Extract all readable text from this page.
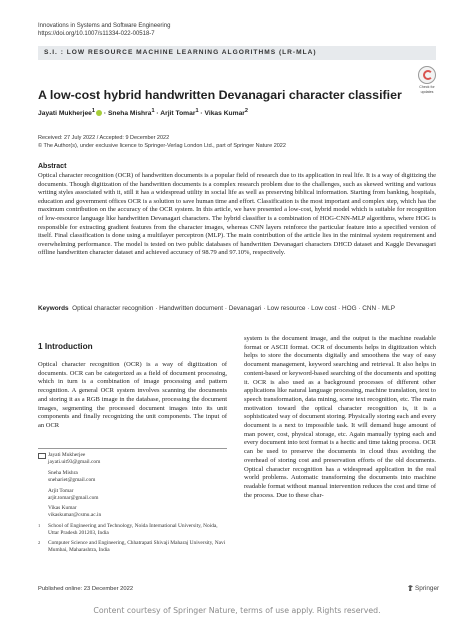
Innovations in Systems and Software Engineering
https://doi.org/10.1007/s11334-022-00518-7
S.I. : LOW RESOURCE MACHINE LEARNING ALGORITHMS (LR-MLA)
Check for updates
A low-cost hybrid handwritten Devanagari character classifier
Jayati Mukherjee$^1$ · Sneha Mishra$^1$ · Arjit Tomar$^1$ · Vikas Kumar$^2$
Received: 27 July 2022 / Accepted: 9 December 2022
© The Author(s), under exclusive licence to Springer-Verlag London Ltd., part of Springer Nature 2022
Abstract
Optical character recognition (OCR) of handwritten documents is a popular field of research due to its application in real life. It is a way of digitizing the documents. Though digitization of the handwritten documents is a complex research problem due to the challenges, such as skewed writing and various writing styles associated with it, still it has a widespread utility in social life as well as preserving biblical information. Starting from banking, hospitals, education and government offices OCR is a solution to save human time and effort. Classification is the most important and complex step, which has the maximum contribution on the accuracy of the OCR system. In this article, we have presented a low-cost, hybrid model which is suitable for recognition of low-resource language like handwritten Devanagari characters. The hybrid classifier is a combination of HOG-CNN-MLP algorithms, where HOG is responsible for extracting gradient features from the character images, whereas CNN layers reinforce the particular feature into a specified version of itself. Final classification is done using a multilayer perceptron (MLP). The main contribution of the article lies in the minimal system requirement and overwhelming performance. The model is tested on two public databases of handwritten Devanagari characters DHCD dataset and Kaggle Devanagari offline handwritten character dataset and achieved accuracy of 98.79 and 97.10%, respectively.
Keywords Optical character recognition · Handwritten document · Devanagari · Low resource · Low cost · HOG · CNN · MLP
1 Introduction
Optical character recognition (OCR) is a way of digitization of documents. OCR can be categorized as a field of document processing, which in turn is a combination of image processing and pattern recognition. A general OCR system involves scanning the documents and storing it as a RGB image in the database, processing the document images, segmenting the processed document images into its unit components and finally recognizing the unit components. The input of an OCR
system is the document image, and the output is the machine readable format or ASCII format. OCR of documents helps in digitization which helps to store the documents digitally and smoothens the way of easy document management, keyword searching and retrieval. It also helps in content-based or keyword-based searching of the documents and spotting it. OCR is also used as a background processes of different other applications like natural language processing, machine translation, text to speech transformation, data mining, scene text recognition, etc. The main motivation toward the optical character recognition is, it is a sophisticated way of document storing. Physically storing each and every document is a next to impossible task. It will demand huge amount of man power, cost, physical storage, etc. Again manually typing each and every document into text format is a hectic and time taking process. OCR can be used to preserve the documents in cloud thus avoiding the overhead of storing cost and preservation efforts of the old documents. Optical character recognition has a widespread application in the real world problems. Automatic transforming the documents into machine readable format without manual intervention reduces the cost and time of the process. Due to these char-
Jayati Mukherjee
jayati.uit93@gmail.com
Sneha Mishra
snehariet@gmail.com
Arjit Tomar
arjit.tomar@gmail.com
Vikas Kumar
vikaskumar@csmu.ac.in
1 School of Engineering and Technology, Noida International University, Noida, Uttar Pradesh 201203, India
2 Computer Science and Engineering, Chhatrapati Shivaji Maharaj University, Navi Mumbai, Maharashtra, India
Published online: 23 December 2022	Springer
Content courtesy of Springer Nature, terms of use apply. Rights reserved.
